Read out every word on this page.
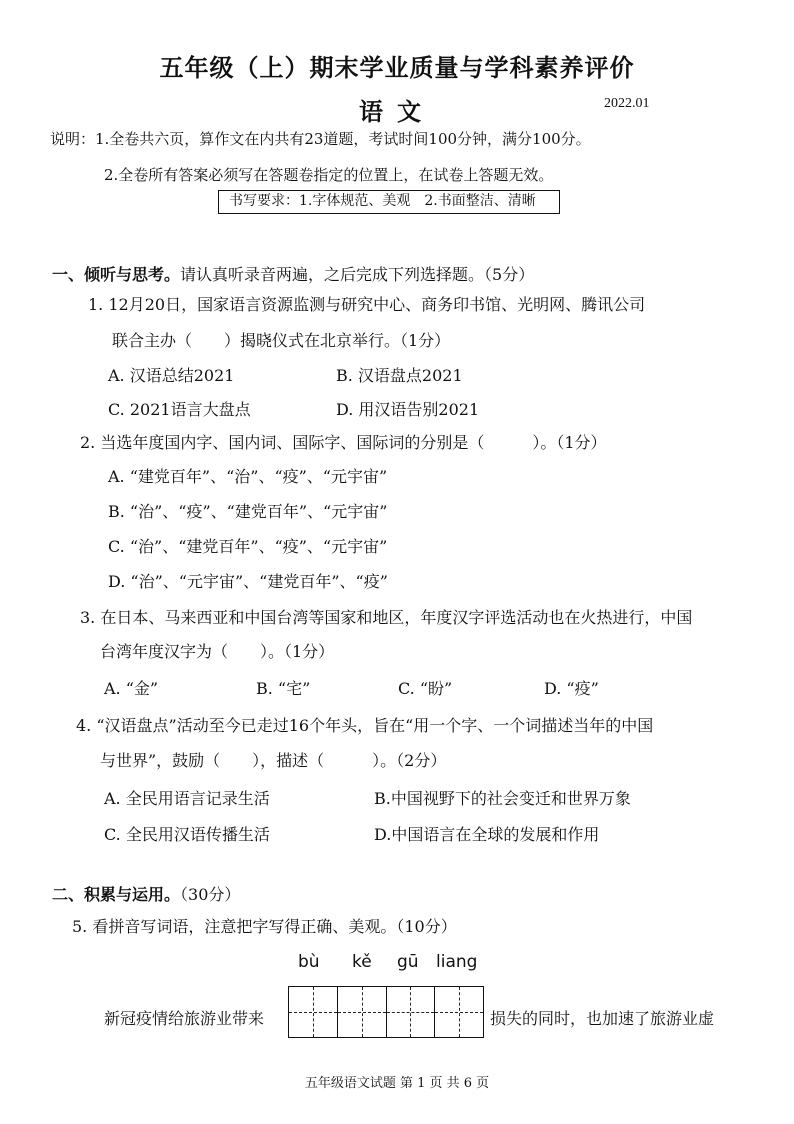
五年级（上）期末学业质量与学科素养评价
语文	2022.01
说明：1.全卷共六页，算作文在内共有23道题，考试时间100分钟，满分100分。
2.全卷所有答案必须写在答题卷指定的位置上，在试卷上答题无效。
书写要求：1.字体规范、美观　2.书面整洁、清晰
一、倾听与思考。请认真听录音两遍，之后完成下列选择题。（5分）
1. 12月20日，国家语言资源监测与研究中心、商务印书馆、光明网、腾讯公司
联合主办（　　）揭晓仪式在北京举行。（1分）
A. 汉语总结2021	B. 汉语盘点2021
C. 2021语言大盘点	D. 用汉语告别2021
2. 当选年度国内字、国内词、国际字、国际词的分别是（　　　）。（1分）
A. “建党百年”、“治”、“疫”、“元宇宙”
B. “治”、“疫”、“建党百年”、“元宇宙”
C. “治”、“建党百年”、“疫”、“元宇宙”
D. “治”、“元宇宙”、“建党百年”、“疫”
3. 在日本、马来西亚和中国台湾等国家和地区，年度汉字评选活动也在火热进行，中国
台湾年度汉字为（　　）。（1分）
A. “金”	B. “宅”	C. “盼”	D. “疫”
4. “汉语盘点”活动至今已走过16个年头，旨在“用一个字、一个词描述当年的中国
与世界”，鼓励（　　），描述（　　　）。（2分）
A. 全民用语言记录生活	B.中国视野下的社会变迁和世界万象
C. 全民用汉语传播生活	D.中国语言在全球的发展和作用
二、积累与运用。（30分）
5. 看拼音写词语，注意把字写得正确、美观。（10分）
bù kě gū liang
新冠疫情给旅游业带来	损失的同时，也加速了旅游业虚
五年级语文试题 第 1 页 共 6 页
